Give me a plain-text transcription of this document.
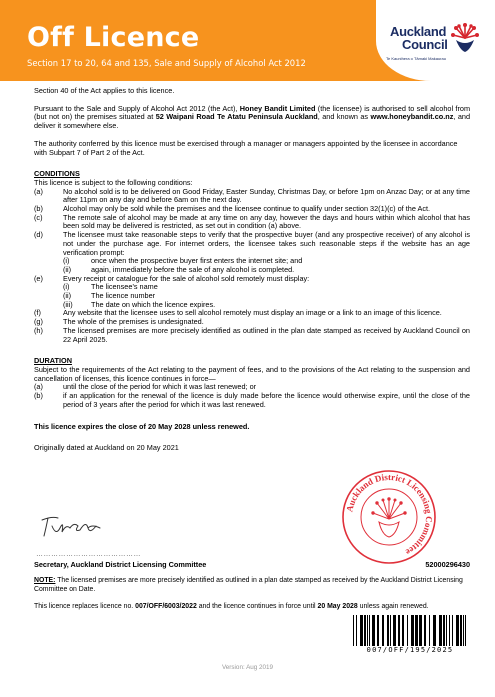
Off Licence
Section 17 to 20, 64 and 135, Sale and Supply of Alcohol Act 2012
Auckland
Council
Te Kaunihera o Tāmaki Makaurau

Section 40 of the Act applies to this licence.

Pursuant to the Sale and Supply of Alcohol Act 2012 (the Act), Honey Bandit Limited (the licensee) is authorised to sell alcohol from (but not on) the premises situated at 52 Waipani Road Te Atatu Peninsula Auckland, and known as www.honeybandit.co.nz, and deliver it somewhere else.

The authority conferred by this licence must be exercised through a manager or managers appointed by the licensee in accordance with Subpart 7 of Part 2 of the Act.

CONDITIONS

This licence is subject to the following conditions:

(a)	No alcohol sold is to be delivered on Good Friday, Easter Sunday, Christmas Day, or before 1pm on Anzac Day; or at any time after 11pm on any day and before 6am on the next day.
(b)	Alcohol may only be sold while the premises and the licensee continue to qualify under section 32(1)(c) of the Act.
(c)	The remote sale of alcohol may be made at any time on any day, however the days and hours within which alcohol that has been sold may be delivered is restricted, as set out in condition (a) above.
(d)	The licensee must take reasonable steps to verify that the prospective buyer (and any prospective receiver) of any alcohol is not under the purchase age. For internet orders, the licensee takes such reasonable steps if the website has an age verification prompt:
(i)	once when the prospective buyer first enters the internet site; and
(ii)	again, immediately before the sale of any alcohol is completed.
(e)	Every receipt or catalogue for the sale of alcohol sold remotely must display:
(i)	The licensee’s name
(ii)	The licence number
(iii)	The date on which the licence expires.
(f)	Any website that the licensee uses to sell alcohol remotely must display an image or a link to an image of this licence.
(g)	The whole of the premises is undesignated.
(h)	The licensed premises are more precisely identified as outlined in the plan date stamped as received by Auckland Council on 22 April 2025.

DURATION

Subject to the requirements of the Act relating to the payment of fees, and to the provisions of the Act relating to the suspension and cancellation of licenses, this licence continues in force—

(a)	until the close of the period for which it was last renewed; or
(b)	if an application for the renewal of the licence is duly made before the licence would otherwise expire, until the close of the period of 3 years after the period for which it was last renewed.

This licence expires the close of 20 May 2028 unless renewed.

Originally dated at Auckland on 20 May 2021

……………………………………
Secretary, Auckland District Licensing Committee	52000296430
Auckland District Licensing Committee
NOTE: The licensed premises are more precisely identified as outlined in a plan date stamped as received by the Auckland District Licensing Committee on Date.
This licence replaces licence no. 007/OFF/6003/2022 and the licence continues in force until 20 May 2028 unless again renewed.
007/OFF/195/2025
Version: Aug 2019
